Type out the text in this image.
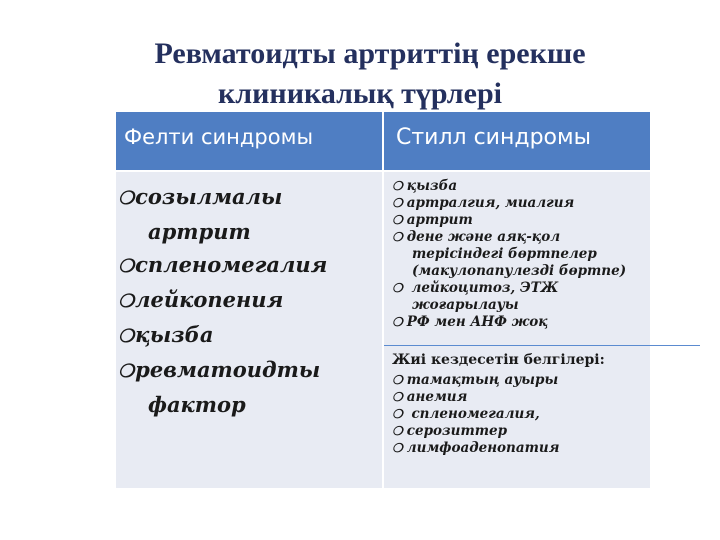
Ревматоидты артриттің ерекше
клиникалық түрлері
Фелти синдромы	Стилл синдромы
❍созылмалы
артрит
❍спленомегалия
❍лейкопения
❍қызба
❍ревматоидты
фактор
❍ қызба
❍ артралгия, миалгия
❍ артрит
❍ дене және аяқ-қол
терісіндегі бөртпелер
(макулопапулезді бөртпе)
❍ лейкоцитоз, ЭТЖ
жоғарылауы
❍ РФ мен АНФ жоқ
Жиі кездесетін белгілері:
❍ тамақтың ауыры
❍ анемия
❍ спленомегалия,
❍ серозиттер
❍ лимфоаденопатия
